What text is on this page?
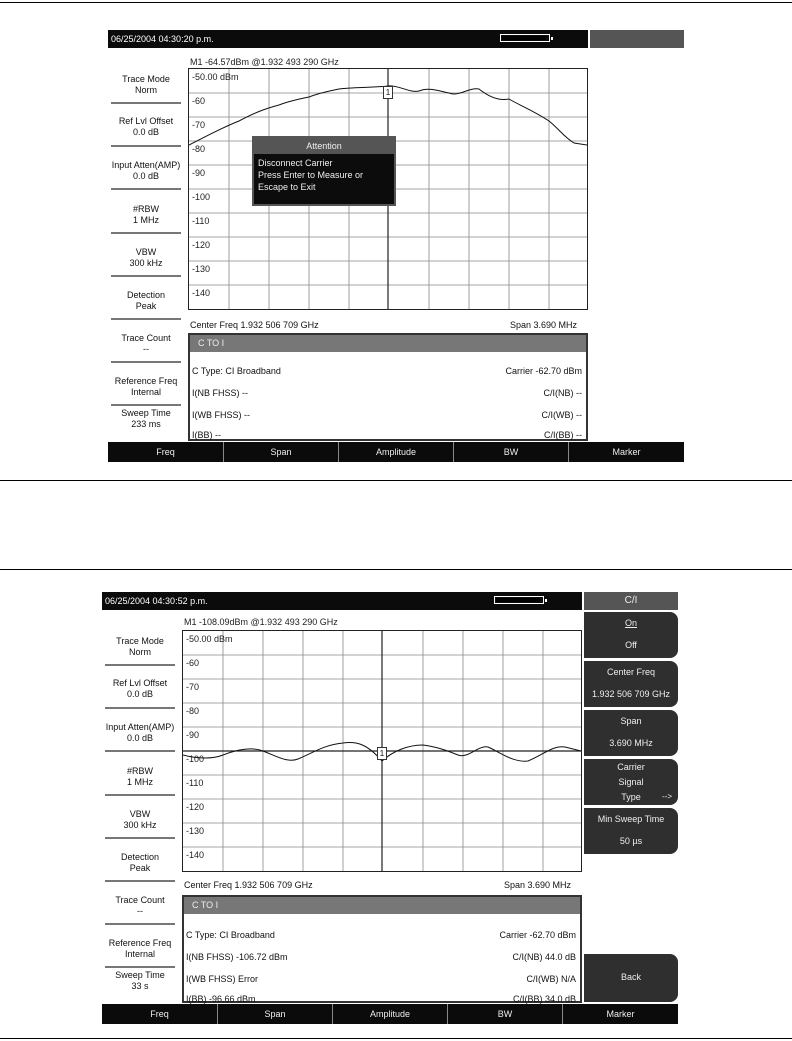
06/25/2004 04:30:20 p.m.
M1 -64.57dBm @1.932 493 290 GHz
Trace Mode
Norm
Ref Lvl Offset
0.0 dB
Input Atten(AMP)
0.0 dB
#RBW
1 MHz
VBW
300 kHz
Detection
Peak
Trace Count
--
Reference Freq
Internal
Sweep Time
233 ms
-50.00 dBm
-60
-70
-80
-90
-100
-110
-120
-130
-140
1
Attention
Disconnect Carrier
Press Enter to Measure or
Escape to Exit
Center Freq 1.932 506 709 GHz	Span 3.690 MHz
C TO I
C Type: CI Broadband	Carrier -62.70 dBm
I(NB FHSS) --	C/I(NB) --
I(WB FHSS) --	C/I(WB) --
I(BB) --	C/I(BB) --
Freq	Span	Amplitude	BW	Marker
06/25/2004 04:30:52 p.m.	C/I
M1 -108.09dBm @1.932 493 290 GHz
Trace Mode
Norm
Ref Lvl Offset
0.0 dB
Input Atten(AMP)
0.0 dB
#RBW
1 MHz
VBW
300 kHz
Detection
Peak
Trace Count
--
Reference Freq
Internal
Sweep Time
33 s
-50.00 dBm
-60
-70
-80
-90
-100
-110
-120
-130
-140
1
Center Freq 1.932 506 709 GHz	Span 3.690 MHz
C TO I
C Type: CI Broadband	Carrier -62.70 dBm
I(NB FHSS) -106.72 dBm	C/I(NB) 44.0 dB
I(WB FHSS) Error	C/I(WB) N/A
I(BB) -96.66 dBm	C/I(BB) 34.0 dB
On
Off
Center Freq
1.932 506 709 GHz
Span
3.690 MHz
Carrier
Signal
Type	-->
Min Sweep Time
50 µs
Back
Freq	Span	Amplitude	BW	Marker
